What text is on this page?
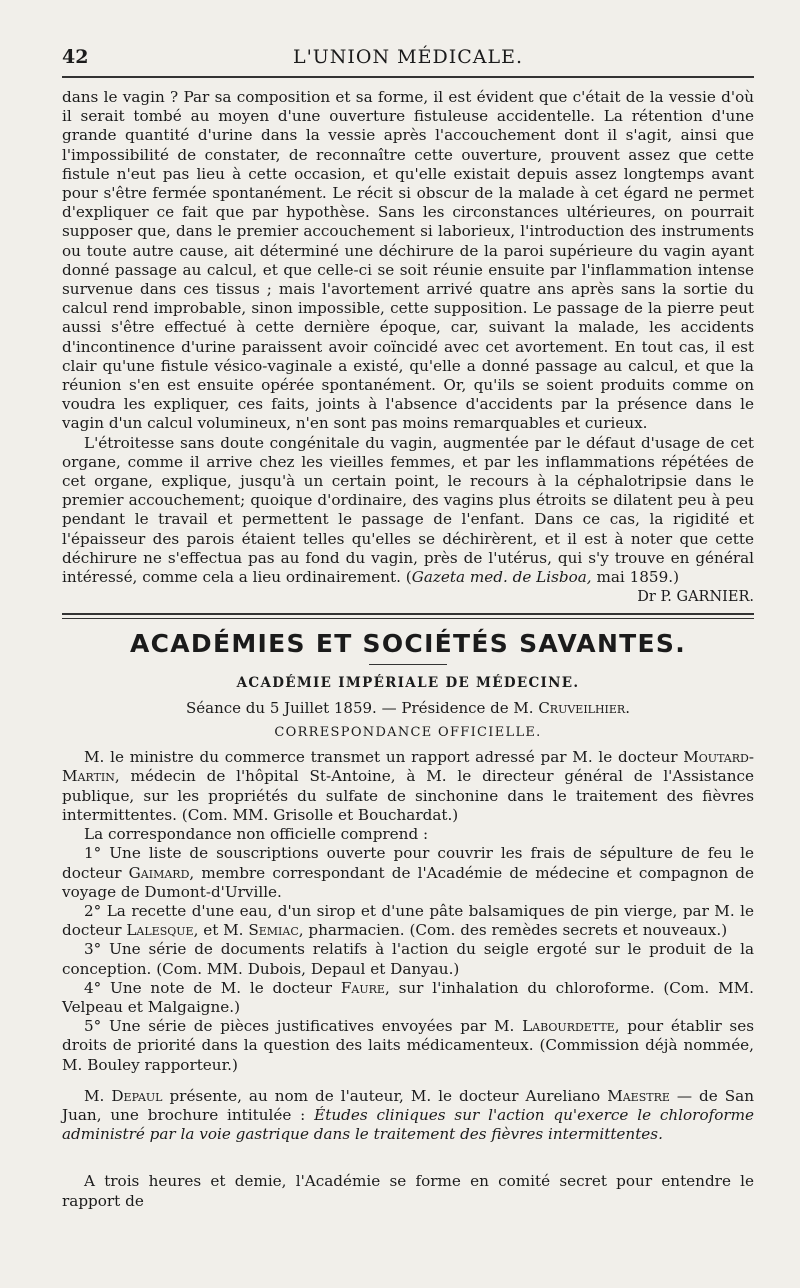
42	L'UNION MÉDICALE.

dans le vagin ? Par sa composition et sa forme, il est évident que c'était de la vessie d'où il serait tombé au moyen d'une ouverture fistuleuse accidentelle. La rétention d'une grande quantité d'urine dans la vessie après l'accouchement dont il s'agit, ainsi que l'impossibilité de constater, de reconnaître cette ouverture, prouvent assez que cette fistule n'eut pas lieu à cette occasion, et qu'elle existait depuis assez longtemps avant pour s'être fermée spontanément. Le récit si obscur de la malade à cet égard ne permet d'expliquer ce fait que par hypothèse. Sans les circonstances ultérieures, on pourrait supposer que, dans le premier accouchement si laborieux, l'introduction des instruments ou toute autre cause, ait déterminé une déchirure de la paroi supérieure du vagin ayant donné passage au calcul, et que celle-ci se soit réunie ensuite par l'inflammation intense survenue dans ces tissus ; mais l'avortement arrivé quatre ans après sans la sortie du calcul rend improbable, sinon impossible, cette supposition. Le passage de la pierre peut aussi s'être effectué à cette dernière époque, car, suivant la malade, les accidents d'incontinence d'urine paraissent avoir coïncidé avec cet avortement. En tout cas, il est clair qu'une fistule vésico-vaginale a existé, qu'elle a donné passage au calcul, et que la réunion s'en est ensuite opérée spontanément. Or, qu'ils se soient produits comme on voudra les expliquer, ces faits, joints à l'absence d'accidents par la présence dans le vagin d'un calcul volumineux, n'en sont pas moins remarquables et curieux.

L'étroitesse sans doute congénitale du vagin, augmentée par le défaut d'usage de cet organe, comme il arrive chez les vieilles femmes, et par les inflammations répétées de cet organe, explique, jusqu'à un certain point, le recours à la céphalotripsie dans le premier accouchement; quoique d'ordinaire, des vagins plus étroits se dilatent peu à peu pendant le travail et permettent le passage de l'enfant. Dans ce cas, la rigidité et l'épaisseur des parois étaient telles qu'elles se déchirèrent, et il est à noter que cette déchirure ne s'effectua pas au fond du vagin, près de l'utérus, qui s'y trouve en général intéressé, comme cela a lieu ordinairement. (Gazeta med. de Lisboa, mai 1859.)

Dr P. GARNIER.
ACADÉMIES ET SOCIÉTÉS SAVANTES.
ACADÉMIE IMPÉRIALE DE MÉDECINE.
Séance du 5 Juillet 1859. — Présidence de M. Cruveilhier.
CORRESPONDANCE OFFICIELLE.

M. le ministre du commerce transmet un rapport adressé par M. le docteur Moutard-Martin, médecin de l'hôpital St-Antoine, à M. le directeur général de l'Assistance publique, sur les propriétés du sulfate de sinchonine dans le traitement des fièvres intermittentes. (Com. MM. Grisolle et Bouchardat.)

La correspondance non officielle comprend :

1° Une liste de souscriptions ouverte pour couvrir les frais de sépulture de feu le docteur Gaimard, membre correspondant de l'Académie de médecine et compagnon de voyage de Dumont-d'Urville.

2° La recette d'une eau, d'un sirop et d'une pâte balsamiques de pin vierge, par M. le docteur Lalesque, et M. Semiac, pharmacien. (Com. des remèdes secrets et nouveaux.)

3° Une série de documents relatifs à l'action du seigle ergoté sur le produit de la conception. (Com. MM. Dubois, Depaul et Danyau.)

4° Une note de M. le docteur Faure, sur l'inhalation du chloroforme. (Com. MM. Velpeau et Malgaigne.)

5° Une série de pièces justificatives envoyées par M. Labourdette, pour établir ses droits de priorité dans la question des laits médicamenteux. (Commission déjà nommée, M. Bouley rapporteur.)

M. Depaul présente, au nom de l'auteur, M. le docteur Aureliano Maestre — de San Juan, une brochure intitulée : Études cliniques sur l'action qu'exerce le chloroforme administré par la voie gastrique dans le traitement des fièvres intermittentes.

A trois heures et demie, l'Académie se forme en comité secret pour entendre le rapport de
